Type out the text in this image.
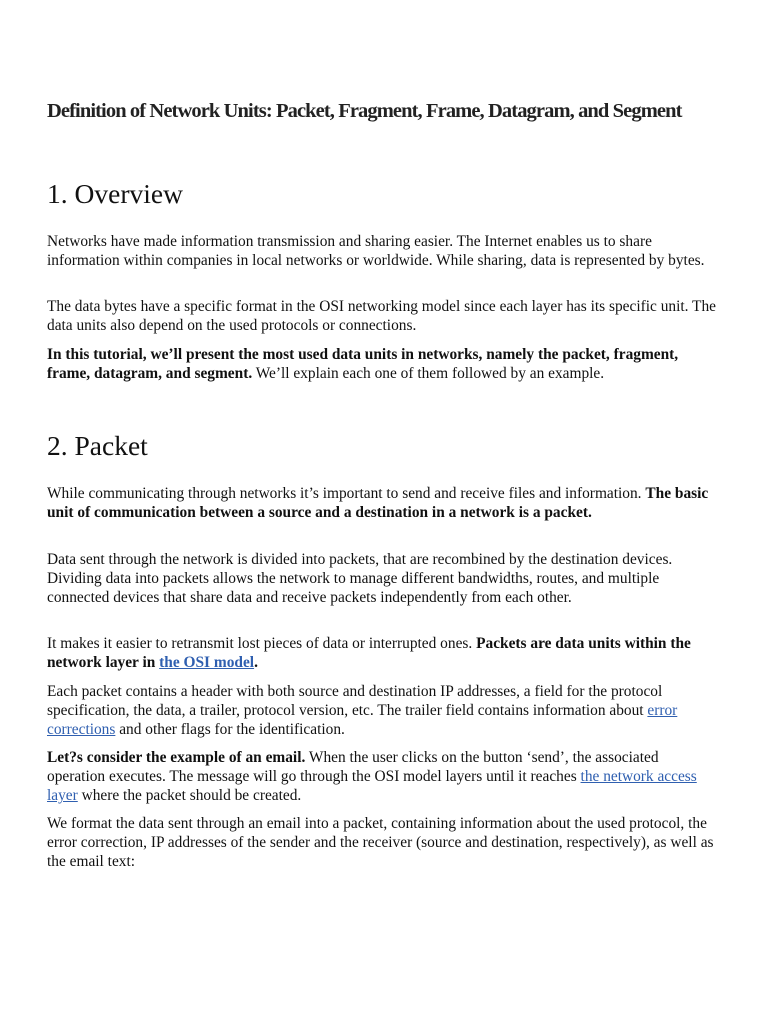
Definition of Network Units: Packet, Fragment, Frame, Datagram, and Segment
1. Overview

Networks have made information transmission and sharing easier. The Internet enables us to share information within companies in local networks or worldwide. While sharing, data is represented by bytes.

The data bytes have a specific format in the OSI networking model since each layer has its specific unit. The data units also depend on the used protocols or connections.

In this tutorial, we’ll present the most used data units in networks, namely the packet, fragment, frame, datagram, and segment. We’ll explain each one of them followed by an example.

2. Packet

While communicating through networks it’s important to send and receive files and information. The basic unit of communication between a source and a destination in a network is a packet.

Data sent through the network is divided into packets, that are recombined by the destination devices. Dividing data into packets allows the network to manage different bandwidths, routes, and multiple connected devices that share data and receive packets independently from each other.

It makes it easier to retransmit lost pieces of data or interrupted ones. Packets are data units within the network layer in the OSI model.

Each packet contains a header with both source and destination IP addresses, a field for the protocol specification, the data, a trailer, protocol version, etc. The trailer field contains information about error corrections and other flags for the identification.

Let?s consider the example of an email. When the user clicks on the button ‘send’, the associated operation executes. The message will go through the OSI model layers until it reaches the network access layer where the packet should be created.

We format the data sent through an email into a packet, containing information about the used protocol, the error correction, IP addresses of the sender and the receiver (source and destination, respectively), as well as the email text:
